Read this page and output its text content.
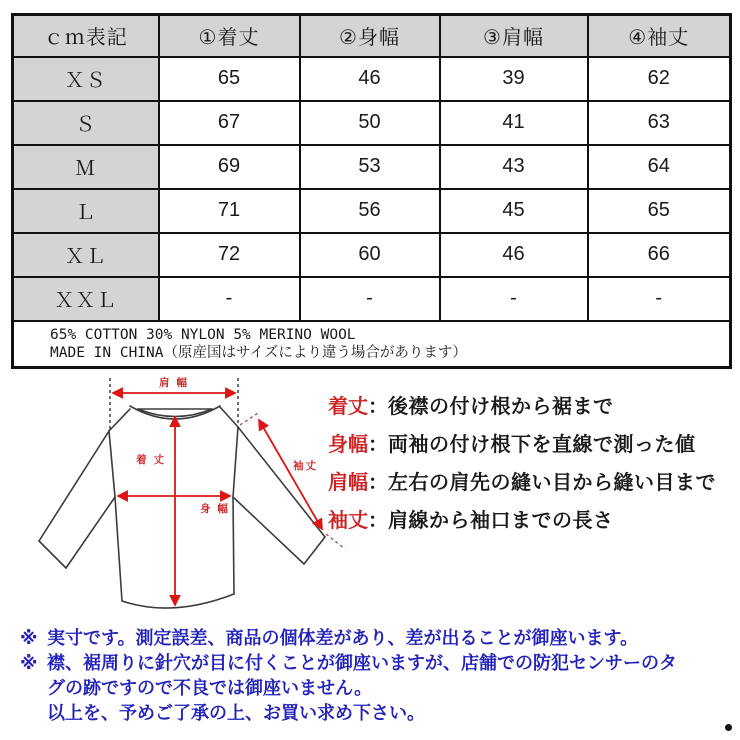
ｃｍ表記	①着丈	②身幅	③肩幅	④袖丈
ＸＳ	65	46	39	62
Ｓ	67	50	41	63
Ｍ	69	53	43	64
Ｌ	71	56	45	65
ＸＬ	72	60	46	66
ＸＸＬ	-	-	-	-

65% COTTON 30% NYLON 5% MERINO WOOL
MADE IN CHINA（原産国はサイズにより違う場合があります）				
肩 幅
着 丈
身 幅
袖丈
着丈：後襟の付け根から裾まで
身幅：両袖の付け根下を直線で測った値
肩幅：左右の肩先の縫い目から縫い目まで
袖丈：肩線から袖口までの長さ
※ 実寸です。測定誤差、商品の個体差があり、差が出ることが御座います。
※ 襟、裾周りに針穴が目に付くことが御座いますが、店舗での防犯センサーのタ
グの跡ですので不良では御座いません。
以上を、予めご了承の上、お買い求め下さい。
